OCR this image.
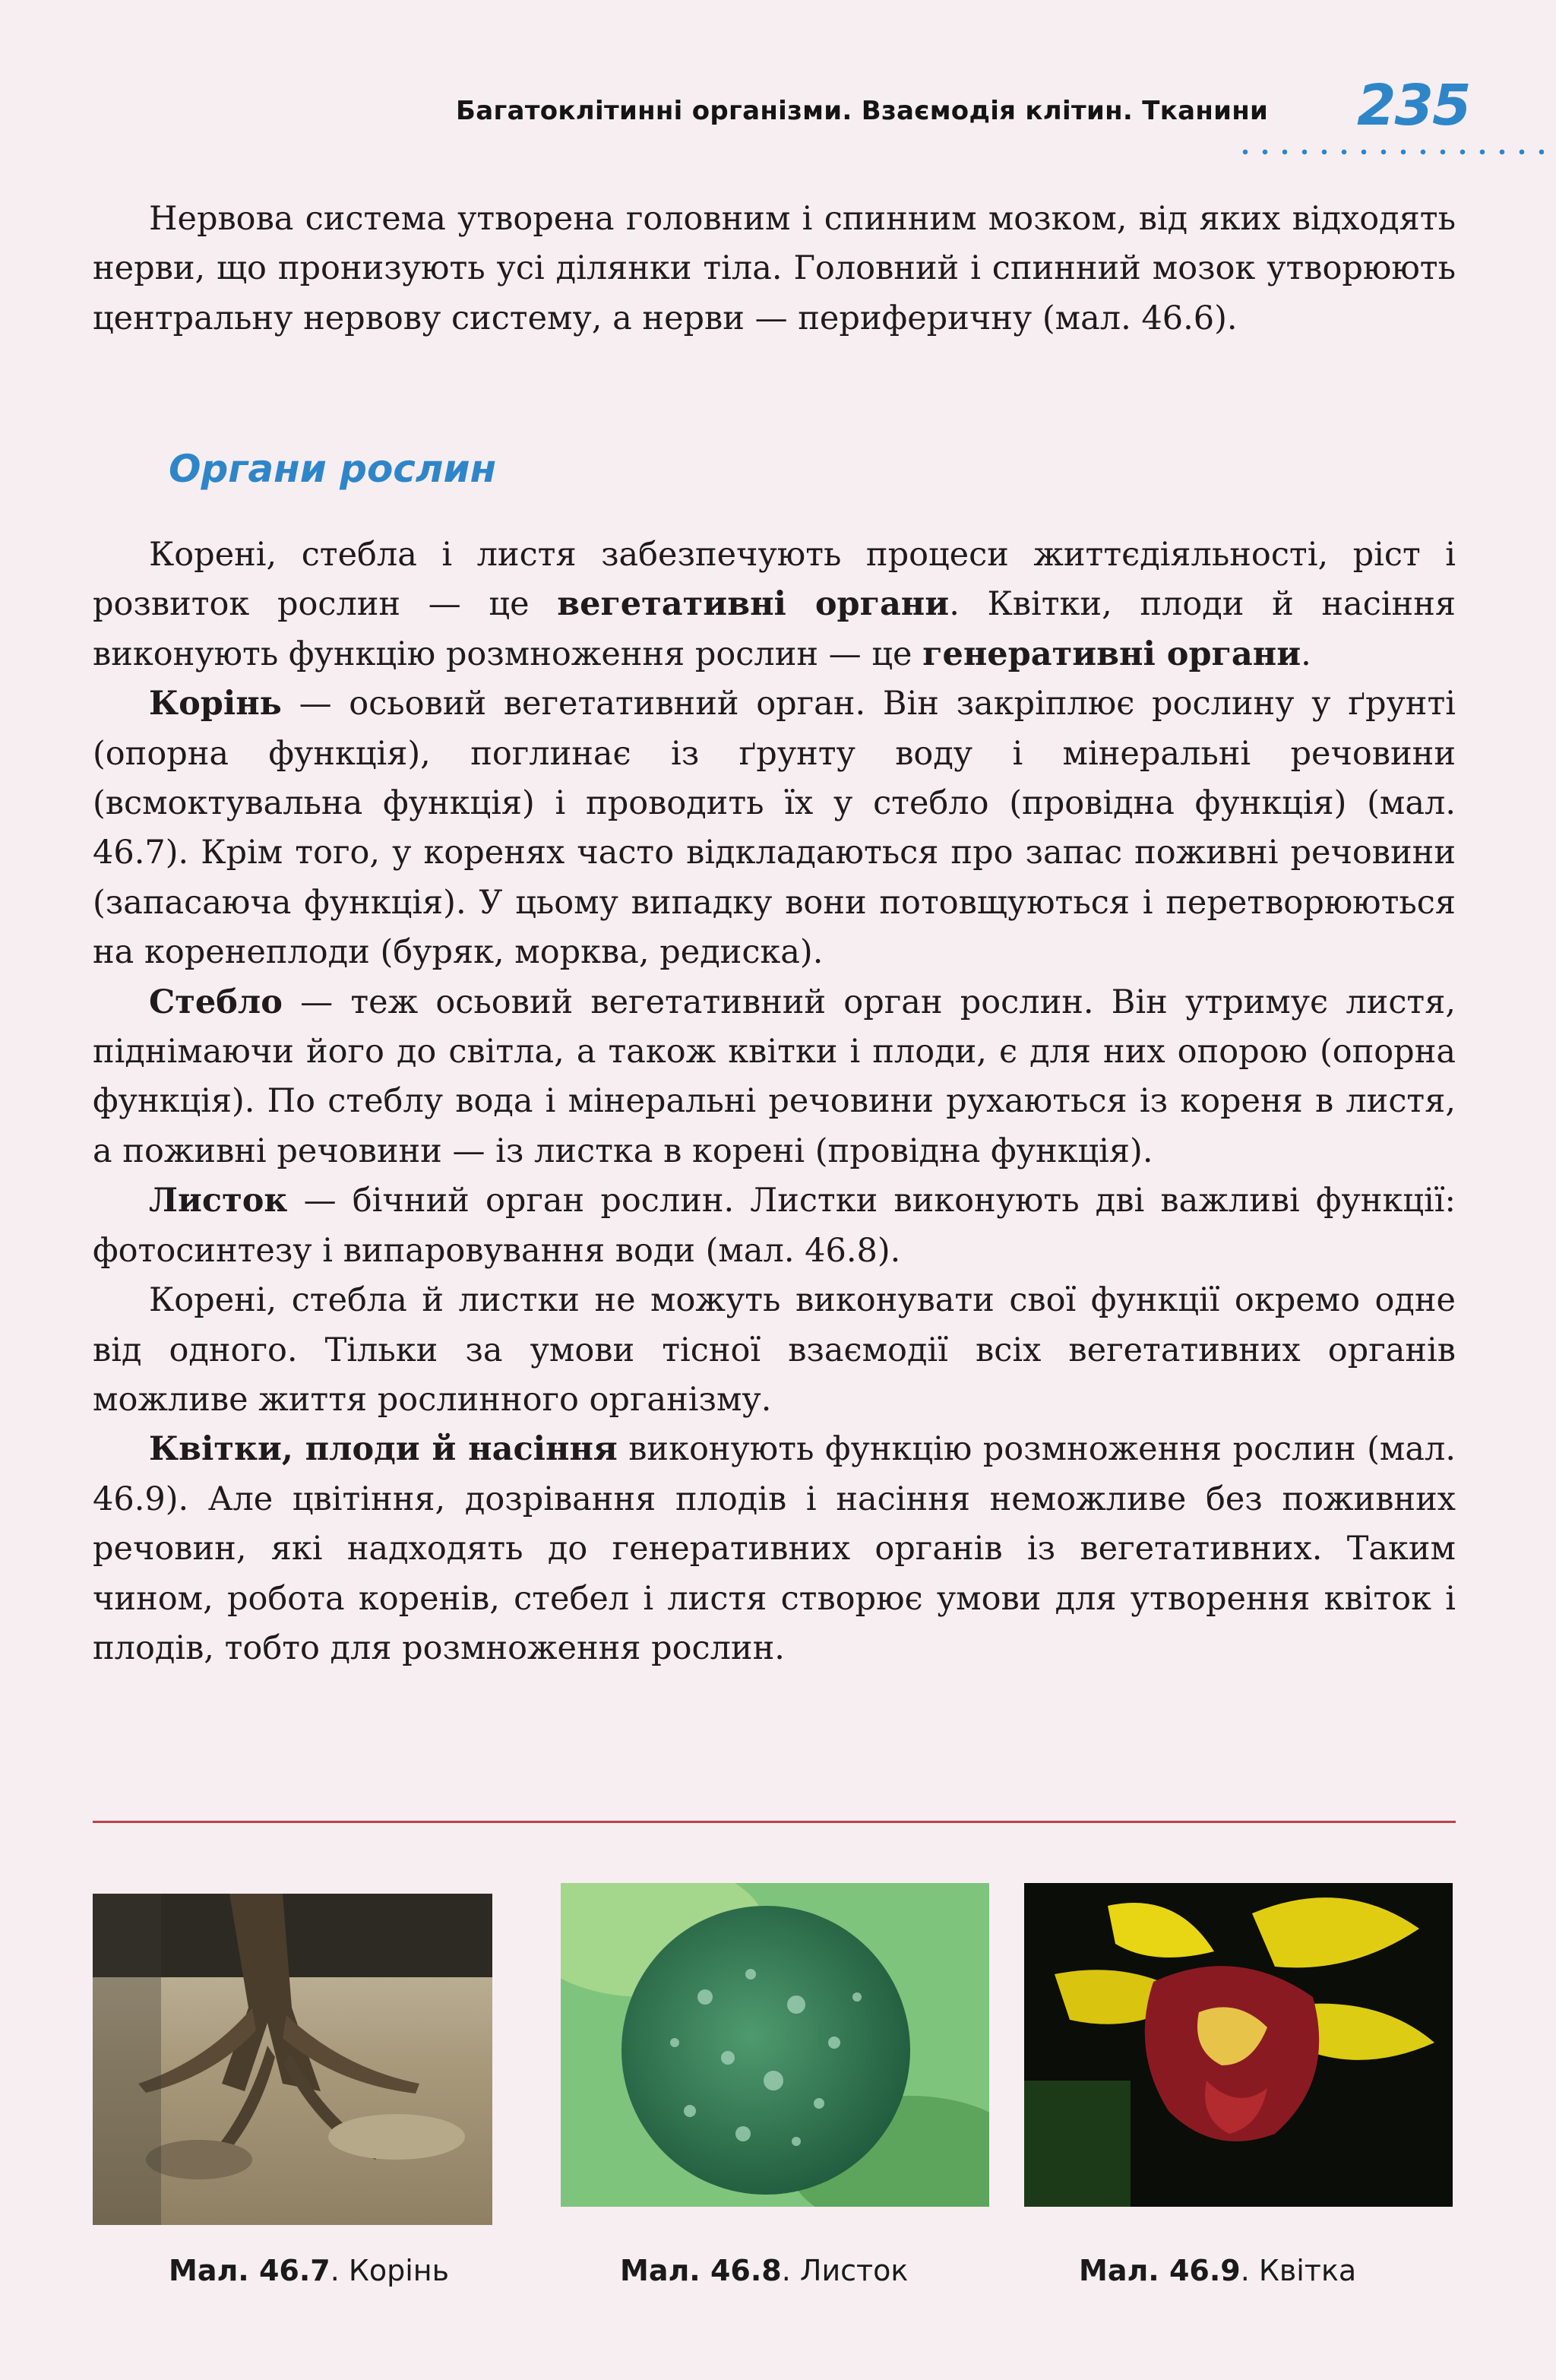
Багатоклітинні організми. Взаємодія клітин. Тканини 235

Нервова система утворена головним і спинним мозком, від яких відходять нерви, що пронизують усі ділянки тіла. Головний і спинний мозок утворюють центральну нервову систему, а нерви — периферичну (мал. 46.6).

Органи рослин

Корені, стебла і листя забезпечують процеси життєдіяльності, ріст і розвиток рослин — це вегетативні органи. Квітки, плоди й насіння виконують функцію розмноження рослин — це генеративні органи.

Корінь — осьовий вегетативний орган. Він закріплює рослину у ґрунті (опорна функція), поглинає із ґрунту воду і мінеральні речовини (всмоктувальна функція) і проводить їх у стебло (провідна функція) (мал. 46.7). Крім того, у коренях часто відкладаються про запас поживні речовини (запасаюча функція). У цьому випадку вони потовщуються і перетворюються на коренеплоди (буряк, морква, редиска).

Стебло — теж осьовий вегетативний орган рослин. Він утримує листя, піднімаючи його до світла, а також квітки і плоди, є для них опорою (опорна функція). По стеблу вода і мінеральні речовини рухаються із кореня в листя, а поживні речовини — із листка в корені (провідна функція).

Листок — бічний орган рослин. Листки виконують дві важливі функції: фотосинтезу і випаровування води (мал. 46.8).

Корені, стебла й листки не можуть виконувати свої функції окремо одне від одного. Тільки за умови тісної взаємодії всіх вегетативних органів можливе життя рослинного організму.

Квітки, плоди й насіння виконують функцію розмноження рослин (мал. 46.9). Але цвітіння, дозрівання плодів і насіння неможливе без поживних речовин, які надходять до генеративних органів із вегетативних. Таким чином, робота коренів, стебел і листя створює умови для утворення квіток і плодів, тобто для розмноження рослин.

Мал. 46.7. Корінь	Мал. 46.8. Листок	Мал. 46.9. Квітка
